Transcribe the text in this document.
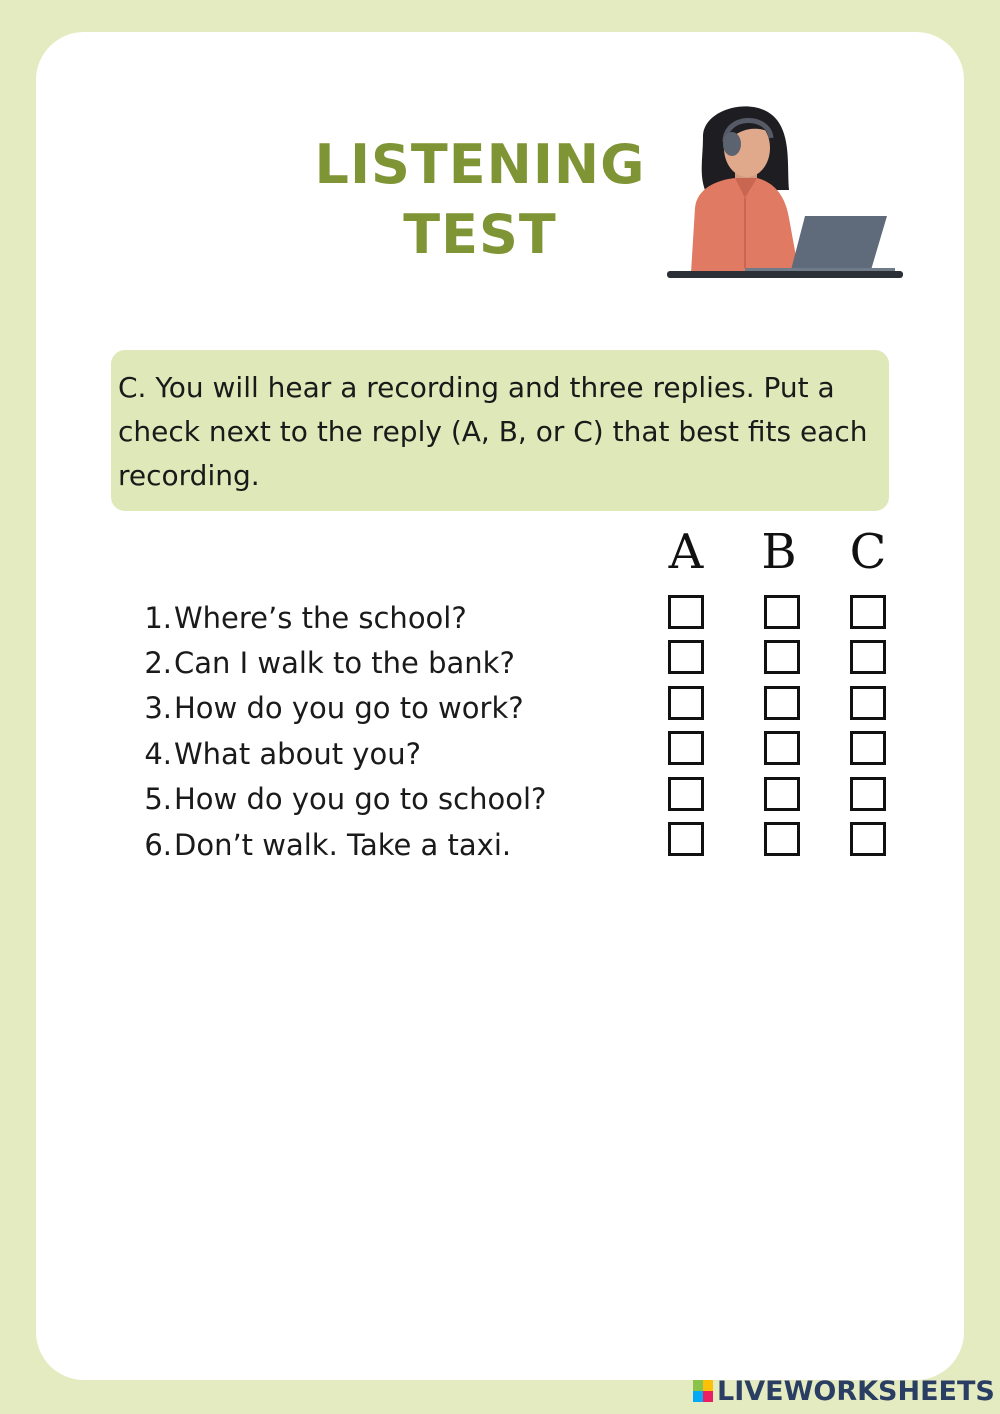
LISTENING
TEST
C. You will hear a recording and three replies. Put a check next to the reply (A, B, or C) that best fits each recording.
A B C
1. Where’s the school?
2. Can I walk to the bank?
3. How do you go to work?
4. What about you?
5. How do you go to school?
6. Don’t walk. Take a taxi.
LIVEWORKSHEETS
